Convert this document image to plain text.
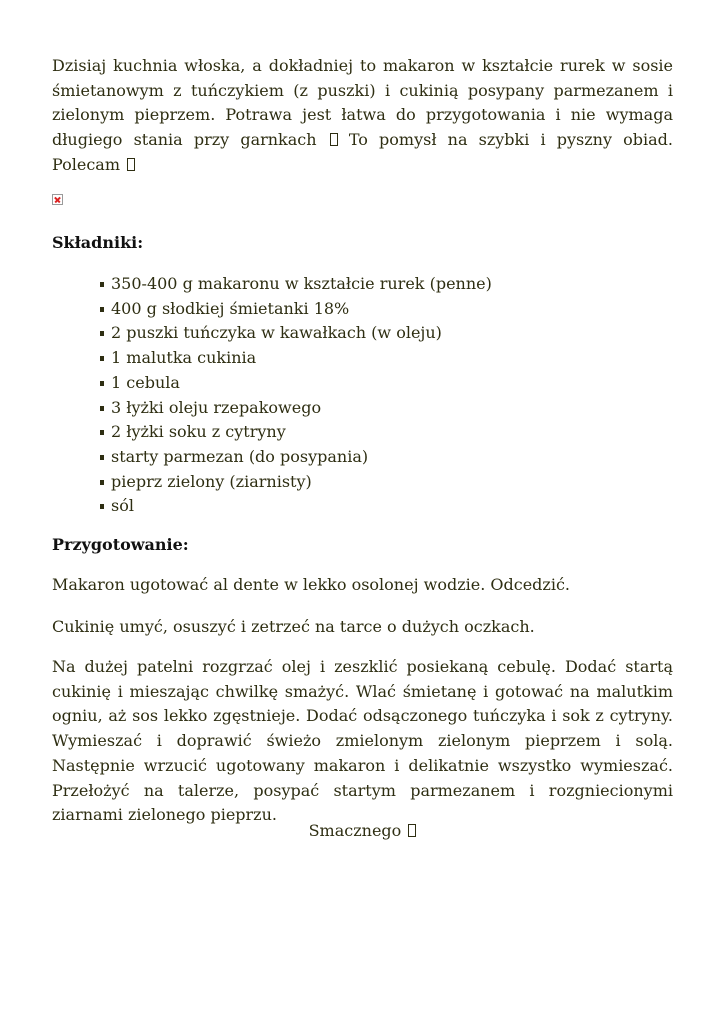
Dzisiaj kuchnia włoska, a dokładniej to makaron w kształcie rurek w sosie śmietanowym z tuńczykiem (z puszki) i cukinią posypany parmezanem i zielonym pieprzem. Potrawa jest łatwa do przygotowania i nie wymaga długiego stania przy garnkach To pomysł na szybki i pyszny obiad. Polecam

Składniki:
350-400 g makaronu w kształcie rurek (penne)
400 g słodkiej śmietanki 18%
2 puszki tuńczyka w kawałkach (w oleju)
1 malutka cukinia
1 cebula
3 łyżki oleju rzepakowego
2 łyżki soku z cytryny
starty parmezan (do posypania)
pieprz zielony (ziarnisty)
sól
Przygotowanie:

Makaron ugotować al dente w lekko osolonej wodzie. Odcedzić.

Cukinię umyć, osuszyć i zetrzeć na tarce o dużych oczkach.

Na dużej patelni rozgrzać olej i zeszklić posiekaną cebulę. Dodać startą cukinię i mieszając chwilkę smażyć. Wlać śmietanę i gotować na malutkim ogniu, aż sos lekko zgęstnieje. Dodać odsączonego tuńczyka i sok z cytryny. Wymieszać i doprawić świeżo zmielonym zielonym pieprzem i solą. Następnie wrzucić ugotowany makaron i delikatnie wszystko wymieszać. Przełożyć na talerze, posypać startym parmezanem i rozgniecionymi ziarnami zielonego pieprzu.

Smacznego
